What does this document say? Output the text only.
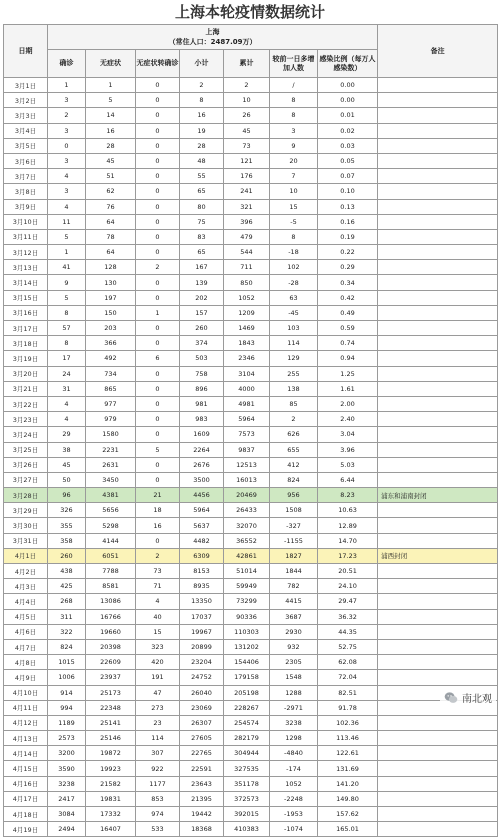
上海本轮疫情数据统计
日期	上海
（常住人口：2487.09万）							备注
	确诊	无症状	无症状转确诊	小计	累计	较前一日多增加人数	感染比例（每万人感染数）	
3月1日	1	1	0	2	2	/	0.00	
3月2日	3	5	0	8	10	8	0.00	
3月3日	2	14	0	16	26	8	0.01	
3月4日	3	16	0	19	45	3	0.02	
3月5日	0	28	0	28	73	9	0.03	
3月6日	3	45	0	48	121	20	0.05	
3月7日	4	51	0	55	176	7	0.07	
3月8日	3	62	0	65	241	10	0.10	
3月9日	4	76	0	80	321	15	0.13	
3月10日	11	64	0	75	396	-5	0.16	
3月11日	5	78	0	83	479	8	0.19	
3月12日	1	64	0	65	544	-18	0.22	
3月13日	41	128	2	167	711	102	0.29	
3月14日	9	130	0	139	850	-28	0.34	
3月15日	5	197	0	202	1052	63	0.42	
3月16日	8	150	1	157	1209	-45	0.49	
3月17日	57	203	0	260	1469	103	0.59	
3月18日	8	366	0	374	1843	114	0.74	
3月19日	17	492	6	503	2346	129	0.94	
3月20日	24	734	0	758	3104	255	1.25	
3月21日	31	865	0	896	4000	138	1.61	
3月22日	4	977	0	981	4981	85	2.00	
3月23日	4	979	0	983	5964	2	2.40	
3月24日	29	1580	0	1609	7573	626	3.04	
3月25日	38	2231	5	2264	9837	655	3.96	
3月26日	45	2631	0	2676	12513	412	5.03	
3月27日	50	3450	0	3500	16013	824	6.44	
3月28日	96	4381	21	4456	20469	956	8.23	浦东和浦南封闭
3月29日	326	5656	18	5964	26433	1508	10.63	
3月30日	355	5298	16	5637	32070	-327	12.89	
3月31日	358	4144	0	4482	36552	-1155	14.70	
4月1日	260	6051	2	6309	42861	1827	17.23	浦西封闭
4月2日	438	7788	73	8153	51014	1844	20.51	
4月3日	425	8581	71	8935	59949	782	24.10	
4月4日	268	13086	4	13350	73299	4415	29.47	
4月5日	311	16766	40	17037	90336	3687	36.32	
4月6日	322	19660	15	19967	110303	2930	44.35	
4月7日	824	20398	323	20899	131202	932	52.75	
4月8日	1015	22609	420	23204	154406	2305	62.08	
4月9日	1006	23937	191	24752	179158	1548	72.04	
4月10日	914	25173	47	26040	205198	1288	82.51	
4月11日	994	22348	273	23069	228267	-2971	91.78	
4月12日	1189	25141	23	26307	254574	3238	102.36	
4月13日	2573	25146	114	27605	282179	1298	113.46	
4月14日	3200	19872	307	22765	304944	-4840	122.61	
4月15日	3590	19923	922	22591	327535	-174	131.69	
4月16日	3238	21582	1177	23643	351178	1052	141.20	
4月17日	2417	19831	853	21395	372573	-2248	149.80	
4月18日	3084	17332	974	19442	392015	-1953	157.62	
4月19日	2494	16407	533	18368	410383	-1074	165.01	
南北观
